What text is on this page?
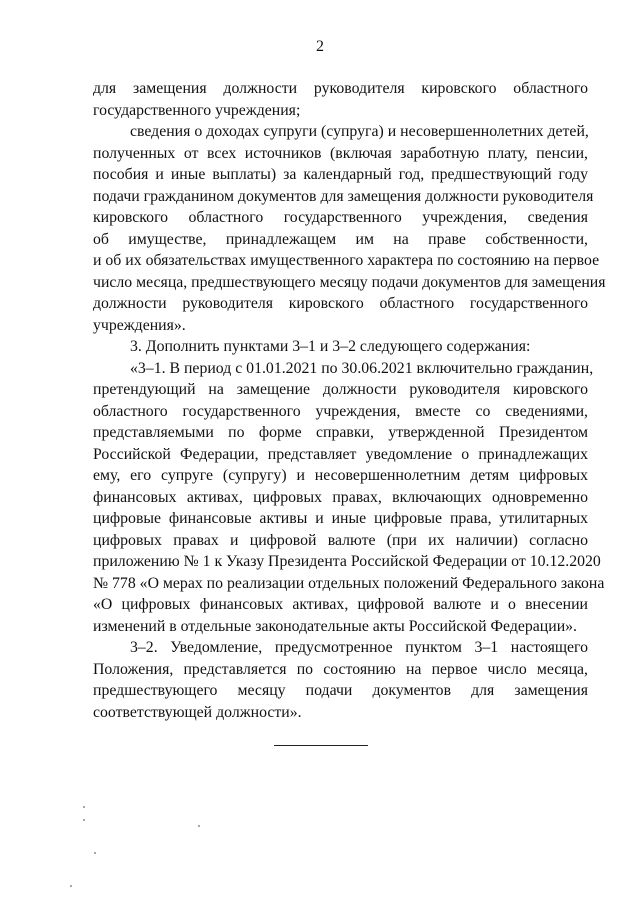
2
для замещения должности руководителя кировского областного
государственного учреждения;
сведения о доходах супруги (супруга) и несовершеннолетних детей,
полученных от всех источников (включая заработную плату, пенсии,
пособия и иные выплаты) за календарный год, предшествующий году
подачи гражданином документов для замещения должности руководителя
кировского областного государственного учреждения, сведения
об имуществе, принадлежащем им на праве собственности,
и об их обязательствах имущественного характера по состоянию на первое
число месяца, предшествующего месяцу подачи документов для замещения
должности руководителя кировского областного государственного
учреждения».
3. Дополнить пунктами 3–1 и 3–2 следующего содержания:
«3–1. В период с 01.01.2021 по 30.06.2021 включительно гражданин,
претендующий на замещение должности руководителя кировского
областного государственного учреждения, вместе со сведениями,
представляемыми по форме справки, утвержденной Президентом
Российской Федерации, представляет уведомление о принадлежащих
ему, его супруге (супругу) и несовершеннолетним детям цифровых
финансовых активах, цифровых правах, включающих одновременно
цифровые финансовые активы и иные цифровые права, утилитарных
цифровых правах и цифровой валюте (при их наличии) согласно
приложению № 1 к Указу Президента Российской Федерации от 10.12.2020
№ 778 «О мерах по реализации отдельных положений Федерального закона
«О цифровых финансовых активах, цифровой валюте и о внесении
изменений в отдельные законодательные акты Российской Федерации».
3–2. Уведомление, предусмотренное пунктом 3–1 настоящего
Положения, представляется по состоянию на первое число месяца,
предшествующего месяцу подачи документов для замещения
соответствующей должности».
